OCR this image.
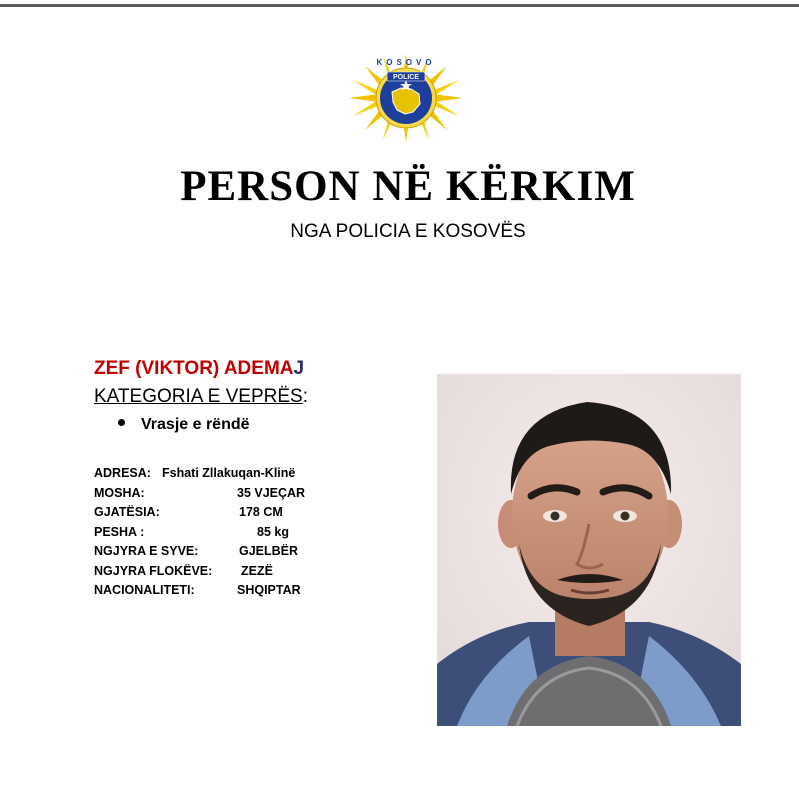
POLICE
KOSOVO
PERSON NË KËRKIM
NGA POLICIA E KOSOVËS
ZEF (VIKTOR) ADEMAJ
KATEGORIA E VEPRËS:
Vrasje e rëndë
ADRESA: Fshati Zllakuqan-Klinë
MOSHA:	35 VJEÇAR
GJATËSIA:	178 CM
PESHA :	85 kg
NGJYRA E SYVE:	GJELBËR
NGJYRA FLOKËVE: ZEZË
NACIONALITETI:	SHQIPTAR
